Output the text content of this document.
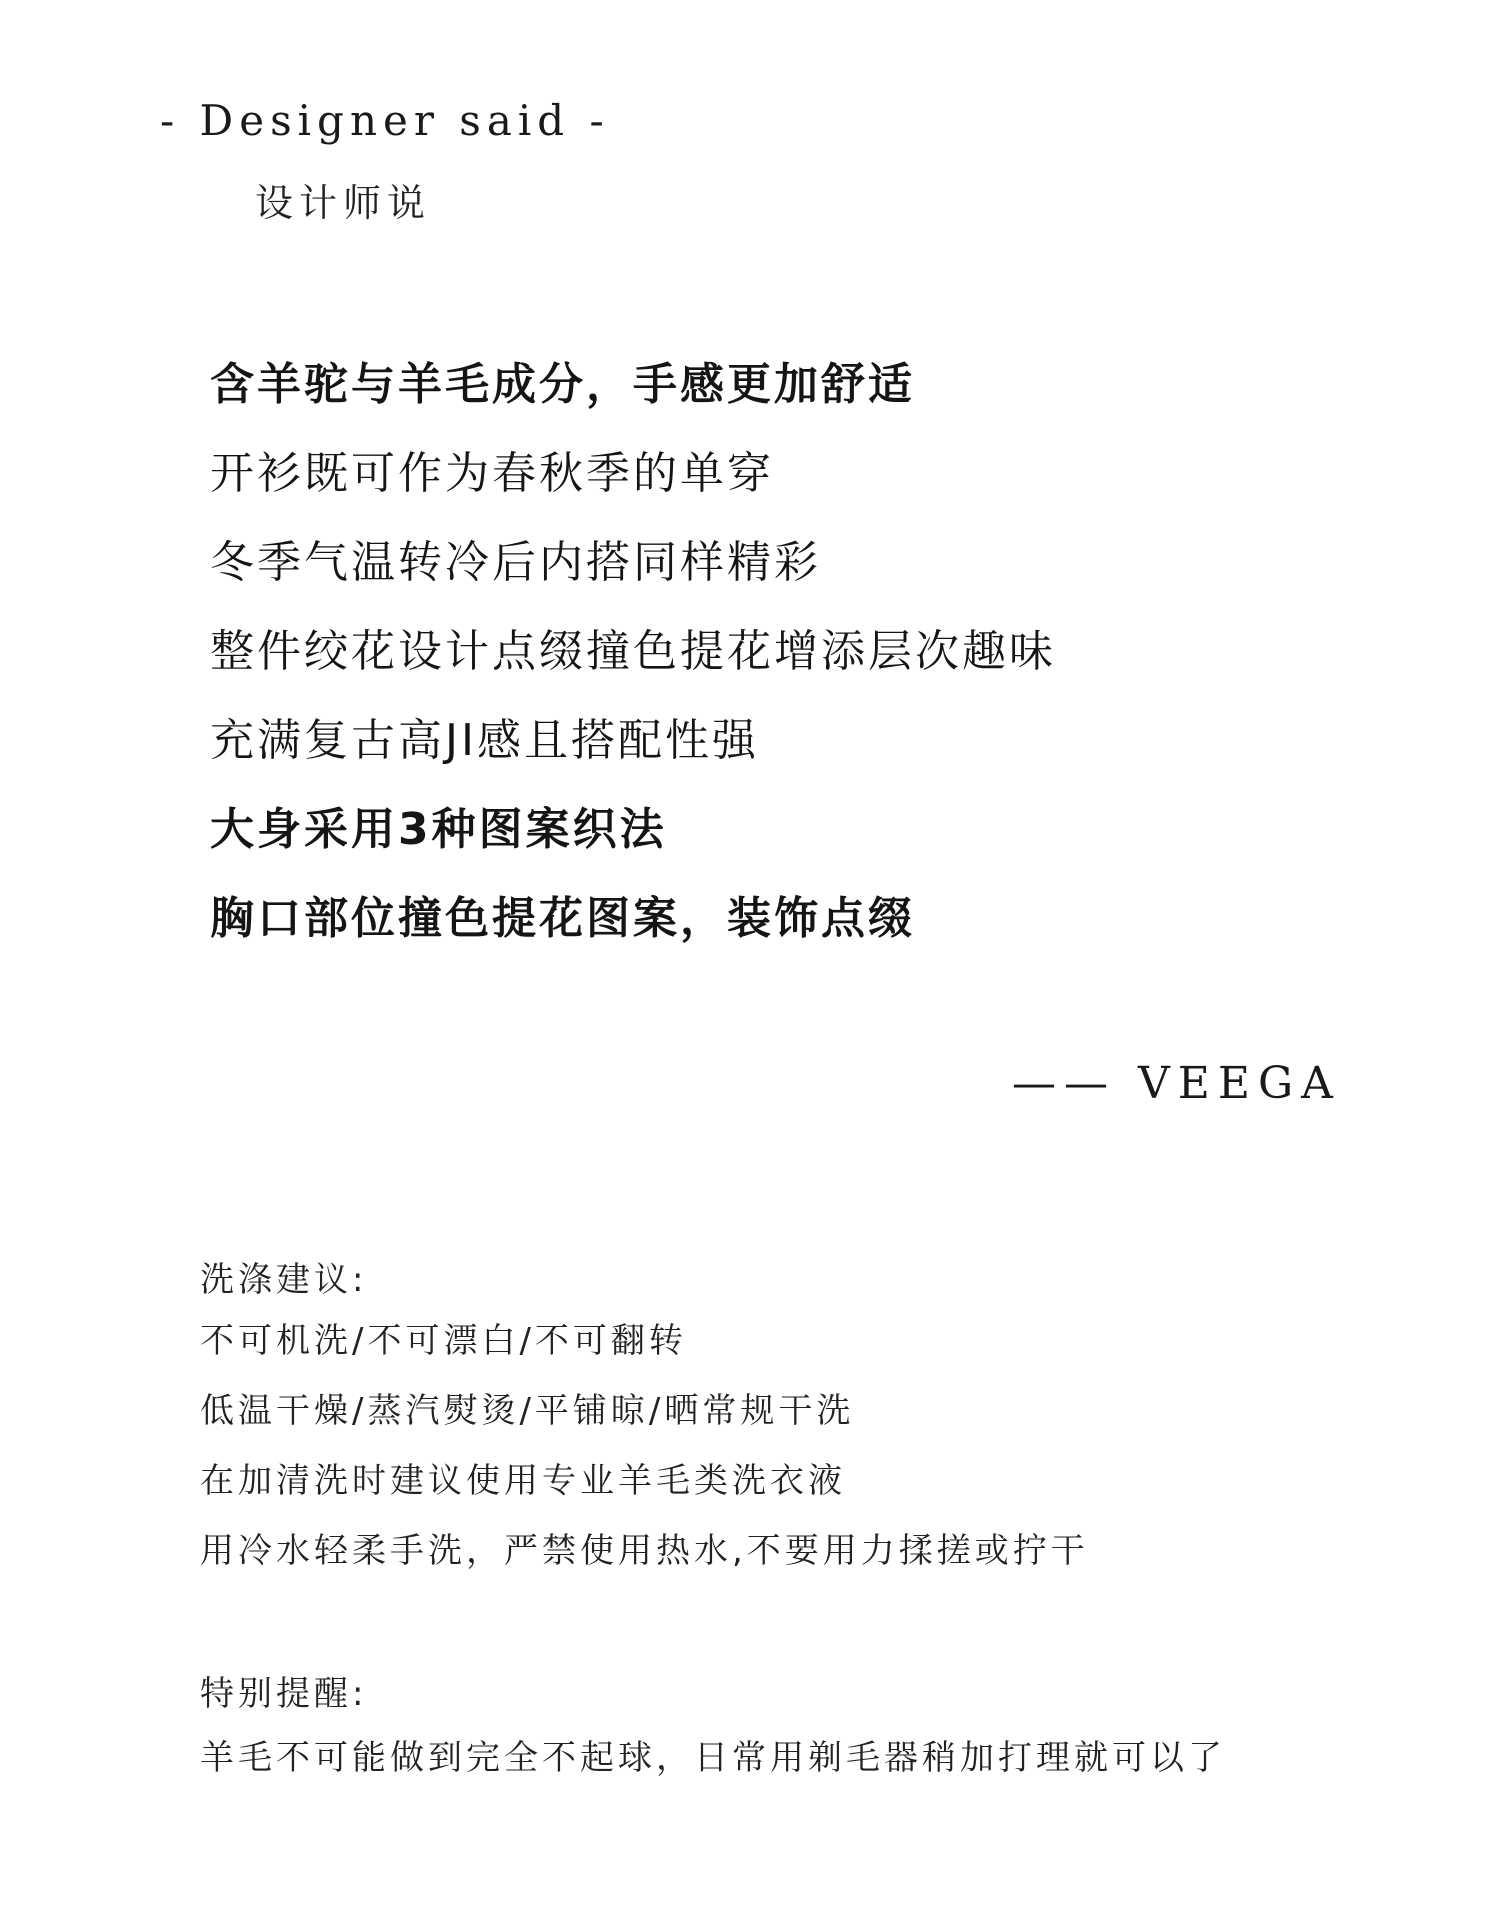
- Designer said -
设计师说
含羊驼与羊毛成分，手感更加舒适
开衫既可作为春秋季的单穿
冬季气温转冷后内搭同样精彩
整件绞花设计点缀撞色提花增添层次趣味
充满复古高JI感且搭配性强
大身采用3种图案织法
胸口部位撞色提花图案，装饰点缀
—— VEEGA
洗涤建议:
不可机洗/不可漂白/不可翻转
低温干燥/蒸汽熨烫/平铺晾/晒常规干洗
在加清洗时建议使用专业羊毛类洗衣液
用冷水轻柔手洗，严禁使用热水,不要用力揉搓或拧干
特别提醒:
羊毛不可能做到完全不起球，日常用剃毛器稍加打理就可以了
